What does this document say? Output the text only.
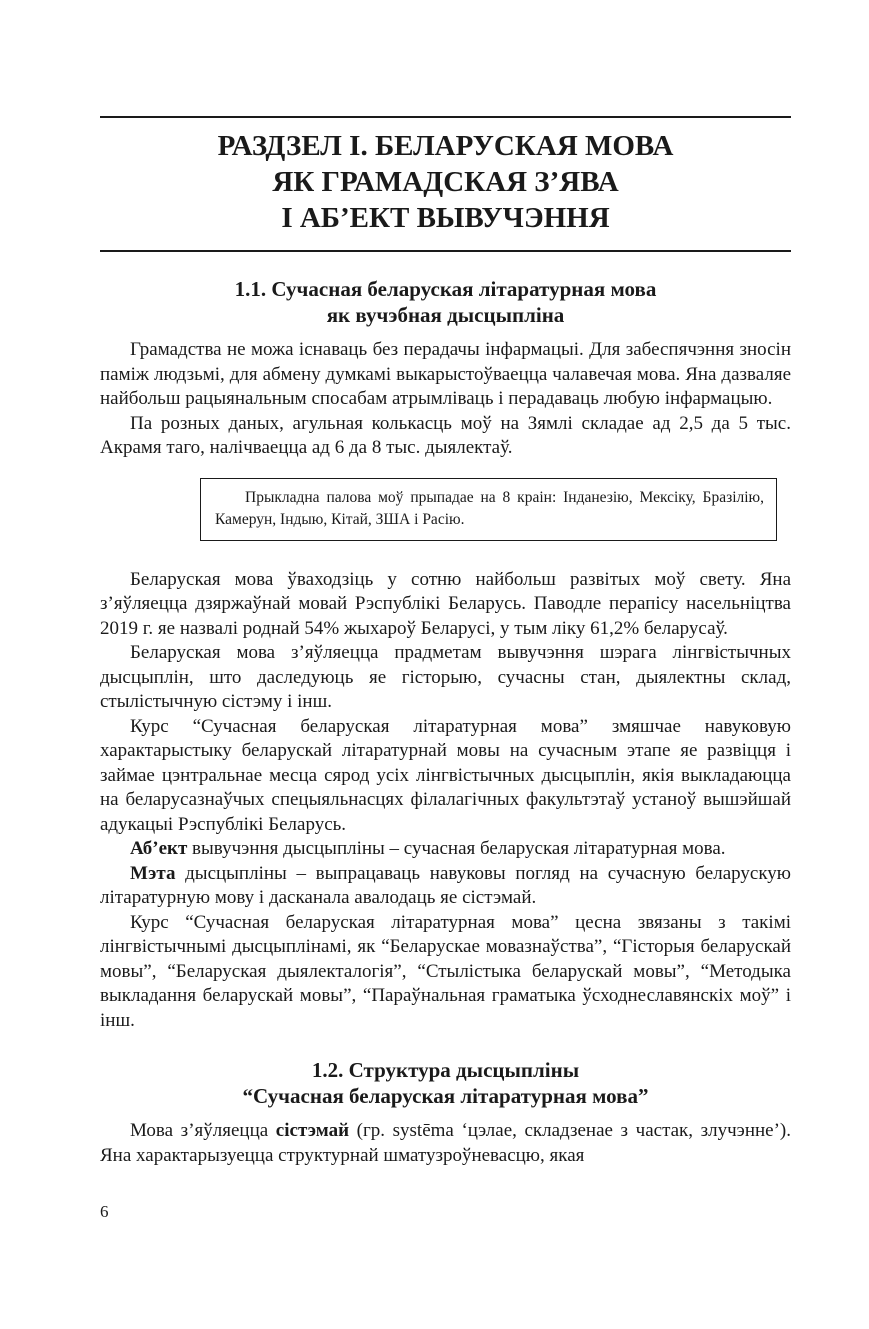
РАЗДЗЕЛ I. БЕЛАРУСКАЯ МОВА
ЯК ГРАМАДСКАЯ З’ЯВА
І АБ’ЕКТ ВЫВУЧЭННЯ
1.1. Сучасная беларуская літаратурная мова
як вучэбная дысцыпліна

Грамадства не можа існаваць без перадачы інфармацыі. Для забеспячэння зносін паміж людзьмі, для абмену думкамі выкарыстоўваецца чалавечая мова. Яна дазваляе найбольш рацыянальным спосабам атрымліваць і перадаваць любую інфармацыю.

Па розных даных, агульная колькасць моў на Зямлі складае ад 2,5 да 5 тыс. Акрамя таго, налічваецца ад 6 да 8 тыс. дыялектаў.

Прыкладна палова моў прыпадае на 8 краін: Інданезію, Мексіку, Бразілію, Камерун, Індыю, Кітай, ЗША і Расію.

Беларуская мова ўваходзіць у сотню найбольш развітых моў свету. Яна з’яўляецца дзяржаўнай мовай Рэспублікі Беларусь. Паводле перапісу насельніцтва 2019 г. яе назвалі роднай 54% жыхароў Беларусі, у тым ліку 61,2% беларусаў.

Беларуская мова з’яўляецца прадметам вывучэння шэрага лінгвістычных дысцыплін, што даследуюць яе гісторыю, сучасны стан, дыялектны склад, стылістычную сістэму і інш.

Курс “Сучасная беларуская літаратурная мова” змяшчае навуковую характарыстыку беларускай літаратурнай мовы на сучасным этапе яе развіцця і займае цэнтральнае месца сярод усіх лінгвістычных дысцыплін, якія выкладаюцца на беларусазнаўчых спецыяльнасцях філалагічных факультэтаў устаноў вышэйшай адукацыі Рэспублікі Беларусь.

Аб’ект вывучэння дысцыпліны – сучасная беларуская літаратурная мова.

Мэта дысцыпліны – выпрацаваць навуковы погляд на сучасную беларускую літаратурную мову і дасканала авалодаць яе сістэмай.

Курс “Сучасная беларуская літаратурная мова” цесна звязаны з такімі лінгвістычнымі дысцыплінамі, як “Беларускае мовазнаўства”, “Гісторыя беларускай мовы”, “Беларуская дыялекталогія”, “Стылістыка беларускай мовы”, “Методыка выкладання беларускай мовы”, “Параўнальная граматыка ўсходнеславянскіх моў” і інш.

1.2. Структура дысцыпліны
“Сучасная беларуская літаратурная мова”

Мова з’яўляецца сістэмай (гр. systēma ‘цэлае, складзенае з частак, злучэнне’). Яна характарызуецца структурнай шматузроўневасцю, якая

6
